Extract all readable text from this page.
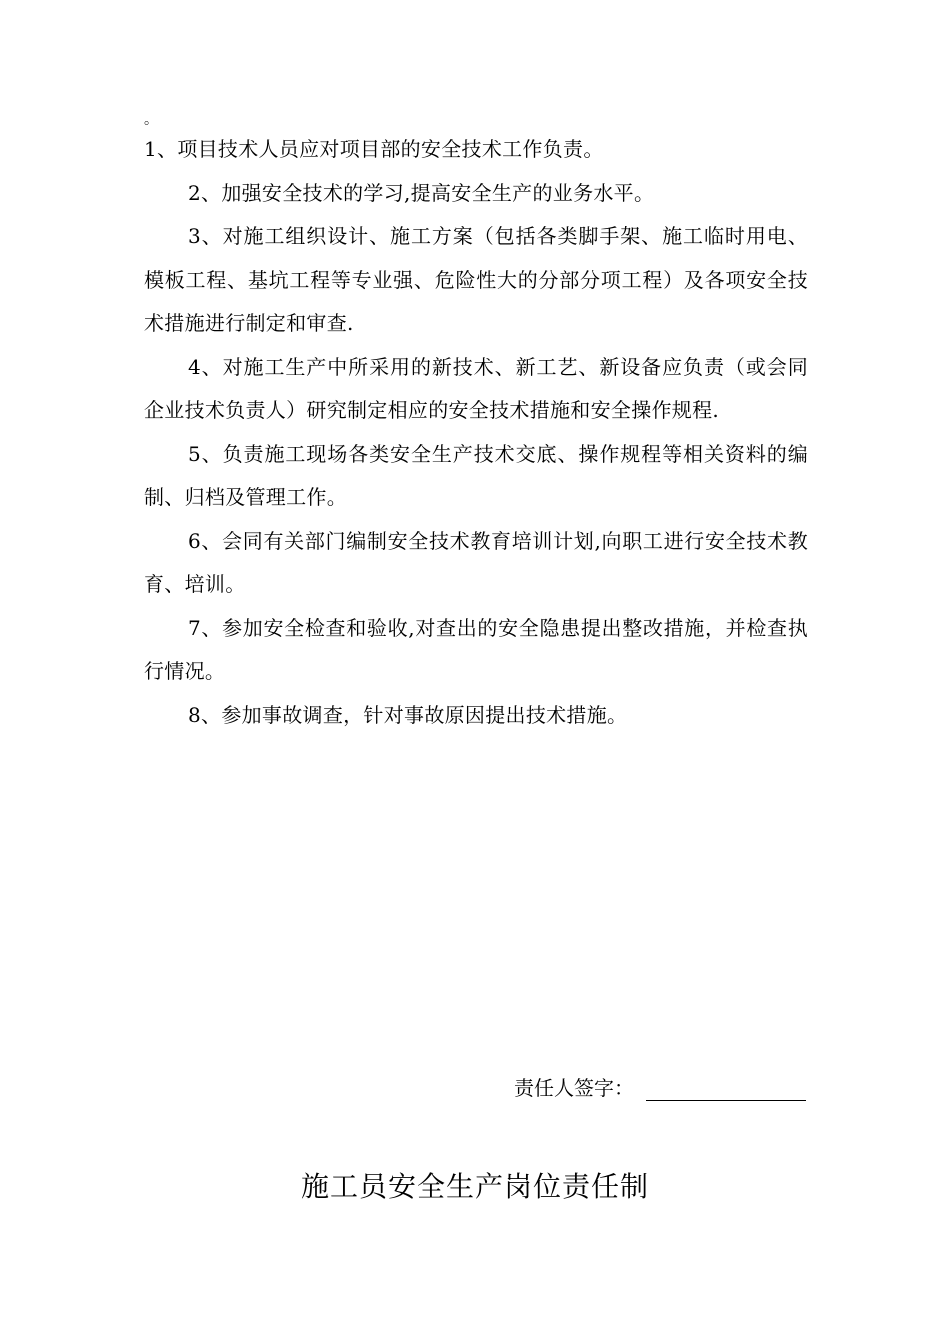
。

1、项目技术人员应对项目部的安全技术工作负责。

2、加强安全技术的学习,提高安全生产的业务水平。

3、对施工组织设计、施工方案（包括各类脚手架、施工临时用电、模板工程、基坑工程等专业强、危险性大的分部分项工程）及各项安全技术措施进行制定和审查.

4、对施工生产中所采用的新技术、新工艺、新设备应负责（或会同企业技术负责人）研究制定相应的安全技术措施和安全操作规程.

5、负责施工现场各类安全生产技术交底、操作规程等相关资料的编制、归档及管理工作。

6、会同有关部门编制安全技术教育培训计划,向职工进行安全技术教育、培训。

7、参加安全检查和验收,对查出的安全隐患提出整改措施，并检查执行情况。

8、参加事故调查，针对事故原因提出技术措施。

责任人签字：
施工员安全生产岗位责任制
